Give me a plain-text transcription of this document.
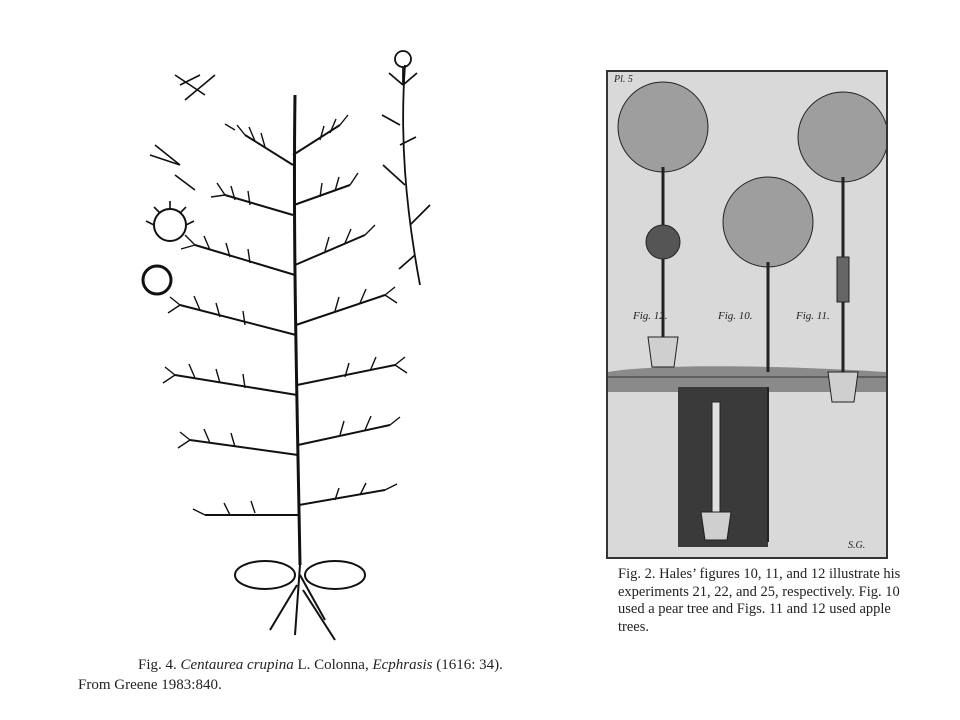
Fig. 4. Centaurea crupina L. Colonna, Ecphrasis (1616: 34). From Greene 1983:840.
Pl. 5
Fig. 12.	Fig. 10.	Fig. 11.
S.G.
Fig. 2. Hales’ figures 10, 11, and 12 illustrate his experiments 21, 22, and 25, respectively. Fig. 10 used a pear tree and Figs. 11 and 12 used apple trees.
